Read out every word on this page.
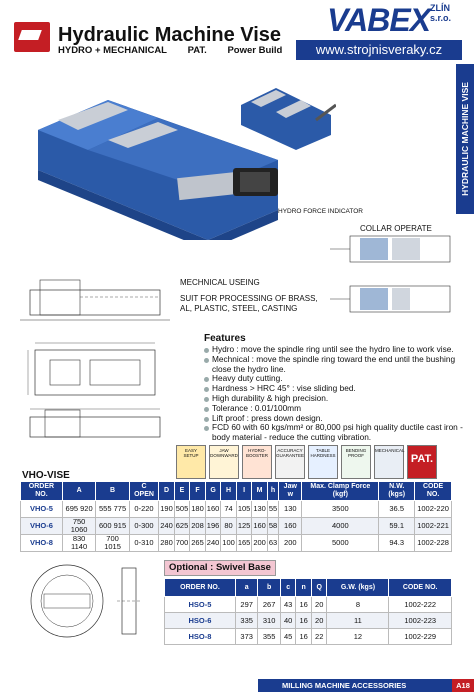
Hydraulic Machine Vise
HYDRO + MECHANICAL PAT. Power Build
VABEX ZLÍN
s.r.o.
www.strojnisveraky.cz
HYDRAULIC MACHINE VISE
HYDRO FORCE INDICATOR
COLLAR OPERATE
MECHNICAL USEING
SUIT FOR PROCESSING OF BRASS, AL, PLASTIC, STEEL, CASTING
Features
Hydro : move the spindle ring until see the hydro line to work vise.
Mechnical : move the spindle ring toward the end until the bushing close the hydro line.
Heavy duty cutting.
Hardness > HRC 45° : vise sliding bed.
High durability & high precision.
Tolerance : 0.01/100mm
Lift proof : press down design.
FCD 60 with 60 kgs/mm² or 80,000 psi high quality ductile cast iron - body material - reduce the cutting vibration.
EASY SETUP
JAW DOWNWARD
HYDRO-BOOSTER
ACCURACY GUARANTEE
TABLE HARDNESS
BENDING PROOF
MECHANICAL
PAT.
VHO-VISE
ORDER NO.	A	B	C OPEN	D	E	F	G	H	I	M	h	Jaw w	Max. Clamp Force (kgf)	N.W. (kgs)	CODE NO.
VHO-5	695 920	555 775	0-220	190	505	180	160	74	105	130	55	130	3500	36.5	1002-220
VHO-6	750 1060	600 915	0-300	240	625	208	196	80	125	160	58	160	4000	59.1	1002-221
VHO-8	830 1140	700 1015	0-310	280	700	265	240	100	165	200	63	200	5000	94.3	1002-228
Optional : Swivel Base
ORDER NO.	a	b	c	n	Q	G.W. (kgs)	CODE NO.
HSO-5	297	267	43	16	20	8	1002-222
HSO-6	335	310	40	16	20	11	1002-223
HSO-8	373	355	45	16	22	12	1002-229
MILLING MACHINE ACCESSORIES	A18
